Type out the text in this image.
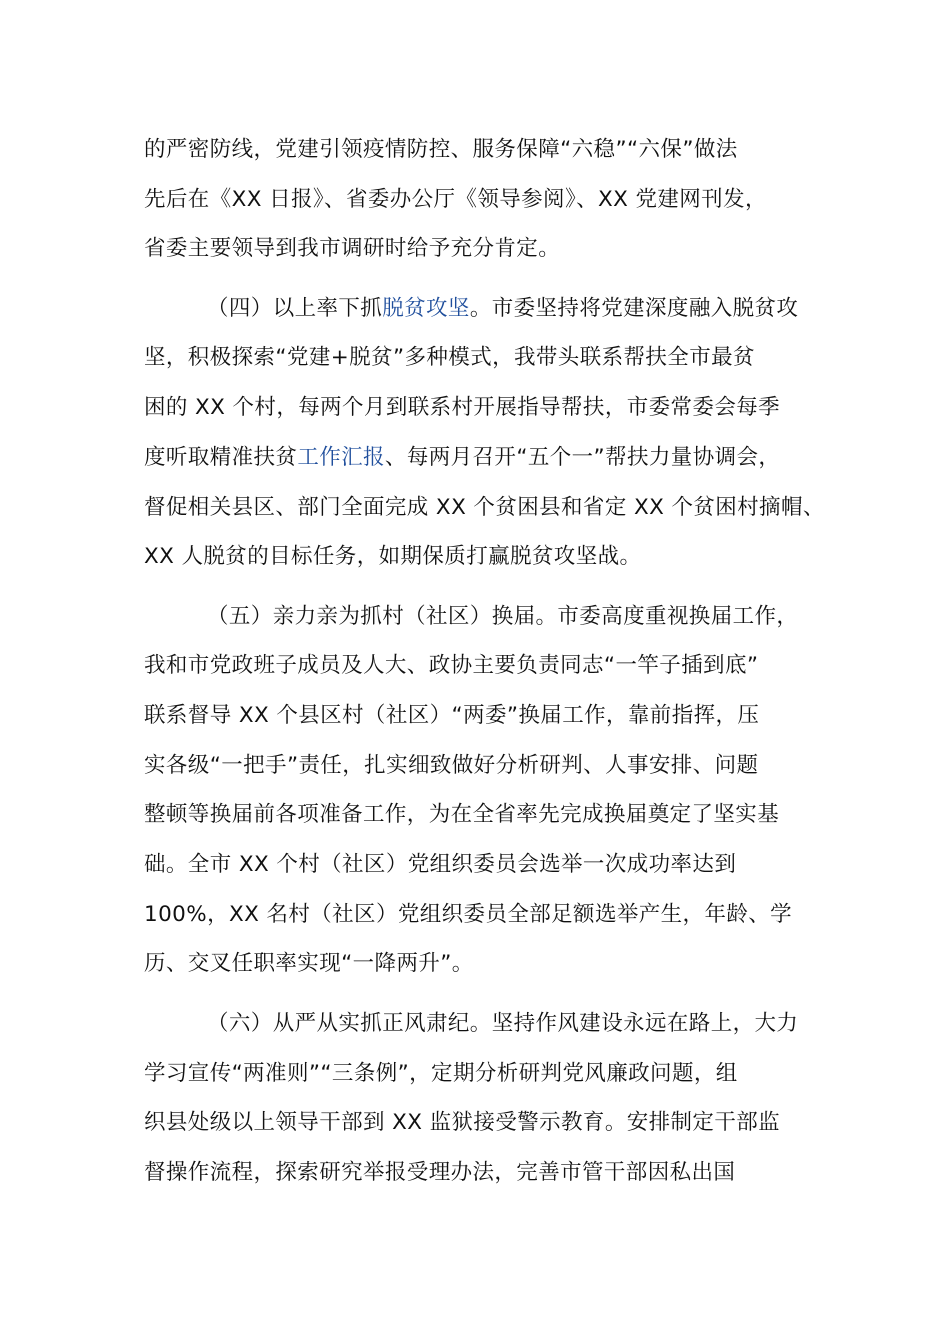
的严密防线，党建引领疫情防控、服务保障“六稳”“六保”做法
先后在《XX 日报》、省委办公厅《领导参阅》、XX 党建网刊发，
省委主要领导到我市调研时给予充分肯定。
（四）以上率下抓脱贫攻坚。市委坚持将党建深度融入脱贫攻
坚，积极探索“党建+脱贫”多种模式，我带头联系帮扶全市最贫
困的 XX 个村，每两个月到联系村开展指导帮扶，市委常委会每季
度听取精准扶贫工作汇报、每两月召开“五个一”帮扶力量协调会，
督促相关县区、部门全面完成 XX 个贫困县和省定 XX 个贫困村摘帽、
XX 人脱贫的目标任务，如期保质打赢脱贫攻坚战。
（五）亲力亲为抓村（社区）换届。市委高度重视换届工作，
我和市党政班子成员及人大、政协主要负责同志“一竿子插到底”
联系督导 XX 个县区村（社区）“两委”换届工作，靠前指挥，压
实各级“一把手”责任，扎实细致做好分析研判、人事安排、问题
整顿等换届前各项准备工作，为在全省率先完成换届奠定了坚实基
础。全市 XX 个村（社区）党组织委员会选举一次成功率达到
100%，XX 名村（社区）党组织委员全部足额选举产生，年龄、学
历、交叉任职率实现“一降两升”。
（六）从严从实抓正风肃纪。坚持作风建设永远在路上，大力
学习宣传“两准则”“三条例”，定期分析研判党风廉政问题，组
织县处级以上领导干部到 XX 监狱接受警示教育。安排制定干部监
督操作流程，探索研究举报受理办法，完善市管干部因私出国
